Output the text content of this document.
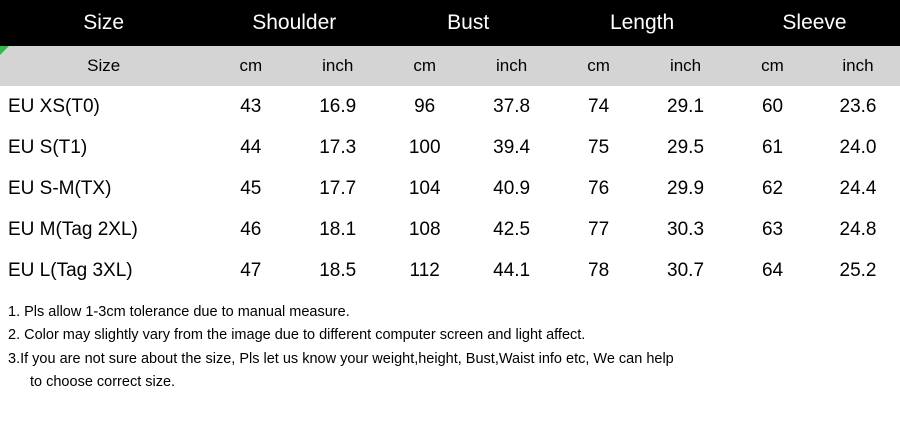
Size	Shoulder		Bust		Length		Sleeve	
Size	cm	inch	cm	inch	cm	inch	cm	inch
EU XS(T0)	43	16.9	96	37.8	74	29.1	60	23.6
EU S(T1)	44	17.3	100	39.4	75	29.5	61	24.0
EU S-M(TX)	45	17.7	104	40.9	76	29.9	62	24.4
EU M(Tag 2XL)	46	18.1	108	42.5	77	30.3	63	24.8
EU L(Tag 3XL)	47	18.5	112	44.1	78	30.7	64	25.2
1. Pls allow 1-3cm tolerance due to manual measure.
2. Color may slightly vary from the image due to different computer screen and light affect.
3.If you are not sure about the size, Pls let us know your weight,height, Bust,Waist info etc, We can help
to choose correct size.
